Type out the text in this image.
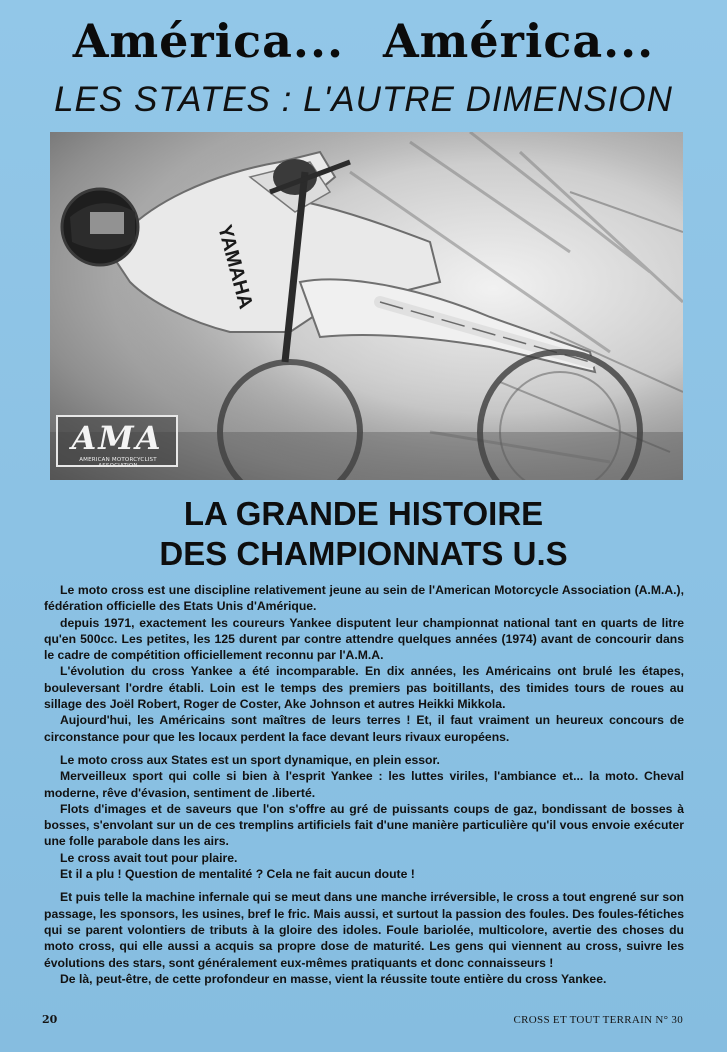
América... América...
LES STATES : L'AUTRE DIMENSION
YAMAHA
AMA
AMERICAN MOTORCYCLIST ASSOCIATION
LA GRANDE HISTOIRE
DES CHAMPIONNATS U.S

Le moto cross est une discipline relativement jeune au sein de l'American Motorcycle Association (A.M.A.), fédération officielle des Etats Unis d'Amérique.

depuis 1971, exactement les coureurs Yankee disputent leur championnat national tant en quarts de litre qu'en 500cc. Les petites, les 125 durent par contre attendre quelques années (1974) avant de concourir dans le cadre de compétition officiellement reconnu par l'A.M.A.

L'évolution du cross Yankee a été incomparable. En dix années, les Américains ont brulé les étapes, bouleversant l'ordre établi. Loin est le temps des premiers pas boitillants, des timides tours de roues au sillage des Joël Robert, Roger de Coster, Ake Johnson et autres Heikki Mikkola.

Aujourd'hui, les Américains sont maîtres de leurs terres ! Et, il faut vraiment un heureux concours de circonstance pour que les locaux perdent la face devant leurs rivaux européens.

Le moto cross aux States est un sport dynamique, en plein essor.

Merveilleux sport qui colle si bien à l'esprit Yankee : les luttes viriles, l'ambiance et... la moto. Cheval moderne, rêve d'évasion, sentiment de .liberté.

Flots d'images et de saveurs que l'on s'offre au gré de puissants coups de gaz, bondissant de bosses à bosses, s'envolant sur un de ces tremplins artificiels fait d'une manière particulière qu'il vous envoie exécuter une folle parabole dans les airs.

Le cross avait tout pour plaire.

Et il a plu ! Question de mentalité ? Cela ne fait aucun doute !

Et puis telle la machine infernale qui se meut dans une manche irréversible, le cross a tout engrené sur son passage, les sponsors, les usines, bref le fric. Mais aussi, et surtout la passion des foules. Des foules-fétiches qui se parent volontiers de tributs à la gloire des idoles. Foule bariolée, multicolore, avertie des choses du moto cross, qui elle aussi a acquis sa propre dose de maturité. Les gens qui viennent au cross, suivre les évolutions des stars, sont généralement eux-mêmes pratiquants et donc connaisseurs !

De là, peut-être, de cette profondeur en masse, vient la réussite toute entière du cross Yankee.

20	CROSS ET TOUT TERRAIN N° 30
